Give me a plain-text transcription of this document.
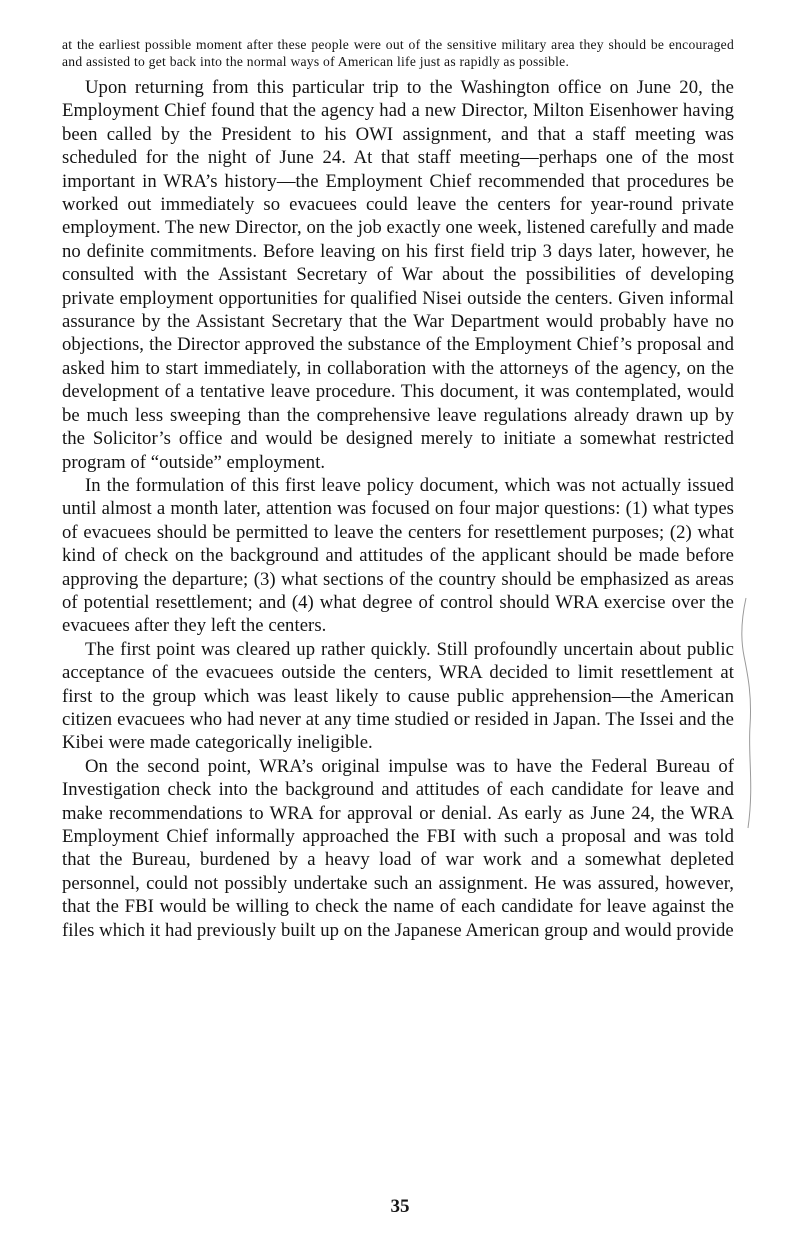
at the earliest possible moment after these people were out of the sensitive military area they should be encouraged and assisted to get back into the normal ways of American life just as rapidly as possible.

Upon returning from this particular trip to the Washington office on June 20, the Employment Chief found that the agency had a new Director, Milton Eisenhower having been called by the President to his OWI assignment, and that a staff meeting was scheduled for the night of June 24. At that staff meeting—perhaps one of the most important in WRA’s history—the Employment Chief recommended that procedures be worked out immediately so evacuees could leave the centers for year-round private employment. The new Director, on the job exactly one week, listened carefully and made no definite commitments. Before leaving on his first field trip 3 days later, however, he consulted with the Assistant Secretary of War about the possibilities of developing private employment opportunities for qualified Nisei outside the centers. Given informal assurance by the Assistant Secretary that the War Department would probably have no objections, the Director approved the substance of the Employment Chief’s proposal and asked him to start immediately, in collaboration with the attorneys of the agency, on the development of a tentative leave procedure. This document, it was contemplated, would be much less sweeping than the comprehensive leave regulations already drawn up by the Solicitor’s office and would be designed merely to initiate a somewhat restricted program of “outside” employment.

In the formulation of this first leave policy document, which was not actually issued until almost a month later, attention was focused on four major questions: (1) what types of evacuees should be permitted to leave the centers for resettlement purposes; (2) what kind of check on the background and attitudes of the applicant should be made before approving the departure; (3) what sections of the country should be emphasized as areas of potential resettlement; and (4) what degree of control should WRA exercise over the evacuees after they left the centers.

The first point was cleared up rather quickly. Still profoundly uncertain about public acceptance of the evacuees outside the centers, WRA decided to limit resettlement at first to the group which was least likely to cause public apprehension—the American citizen evacuees who had never at any time studied or resided in Japan. The Issei and the Kibei were made categorically ineligible.

On the second point, WRA’s original impulse was to have the Federal Bureau of Investigation check into the background and attitudes of each candidate for leave and make recommendations to WRA for approval or denial. As early as June 24, the WRA Employment Chief informally approached the FBI with such a proposal and was told that the Bureau, burdened by a heavy load of war work and a somewhat depleted personnel, could not possibly undertake such an assignment. He was assured, however, that the FBI would be willing to check the name of each candidate for leave against the files which it had previously built up on the Japanese American group and would provide

35
